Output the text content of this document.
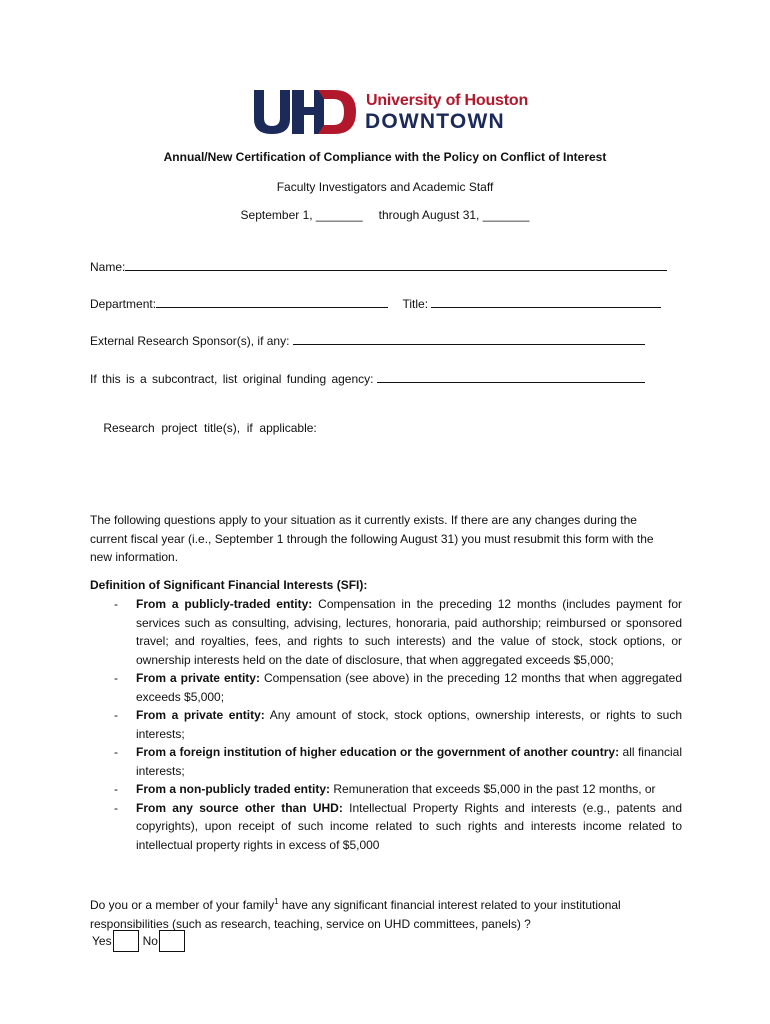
University of Houston
DOWNTOWN
Annual/New Certification of Compliance with the Policy on Conflict of Interest
Faculty Investigators and Academic Staff
September 1, _______ through August 31, _______
Name:
Department:	Title:
External Research Sponsor(s), if any:
If this is a subcontract, list original funding agency:

Research  project  title(s),  if  applicable:

The following questions apply to your situation as it currently exists. If there are any changes during the current fiscal year (i.e., September 1 through the following August 31) you must resubmit this form with the new information.
Definition of Significant Financial Interests (SFI):
- From a publicly-traded entity: Compensation in the preceding 12 months (includes payment for services such as consulting, advising, lectures, honoraria, paid authorship; reimbursed or sponsored travel; and royalties, fees, and rights to such interests) and the value of stock, stock options, or ownership interests held on the date of disclosure, that when aggregated exceeds $5,000;
- From a private entity: Compensation (see above) in the preceding 12 months that when aggregated exceeds $5,000;
- From a private entity: Any amount of stock, stock options, ownership interests, or rights to such interests;
- From a foreign institution of higher education or the government of another country: all financial interests;
- From a non-publicly traded entity: Remuneration that exceeds $5,000 in the past 12 months, or
- From any source other than UHD: Intellectual Property Rights and interests (e.g., patents and copyrights), upon receipt of such income related to such rights and interests income related to intellectual property rights in excess of $5,000
Do you or a member of your family$^1$ have any significant financial interest related to your institutional responsibilities (such as research, teaching, service on UHD committees, panels) ?
Yes	No
